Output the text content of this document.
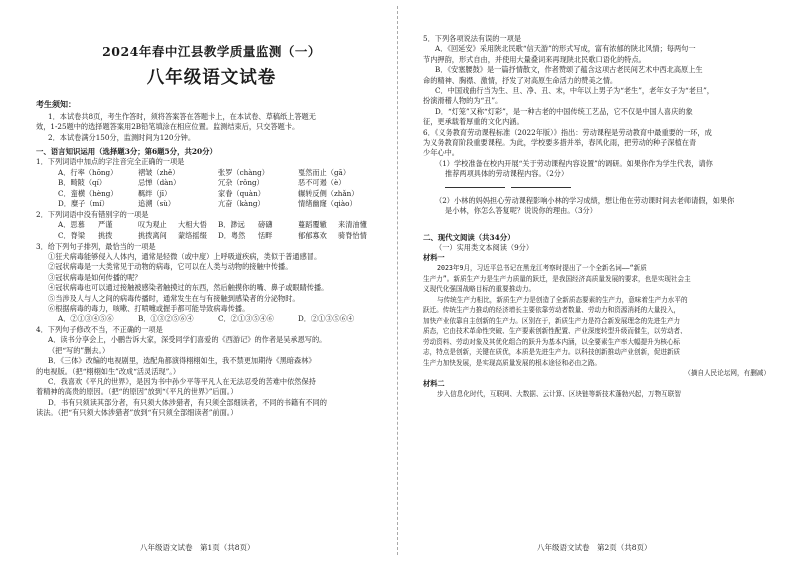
2024年春中江县教学质量监测（一）
八年级语文试卷
考生须知：
1．本试卷共8页，考生作答时，须将答案答在答题卡上，在本试卷、草稿纸上答题无
效，1-25题中的选择题答案用2B铅笔填涂在相应位置。监测结束后，只交答题卡。
2．本试卷满分150分，监测时间为120分钟。
一、语言知识运用（选择题3分；第6题5分，共20分）
1．下列词语中加点的字注音完全正确的一项是
A．行率（hōng）	褶皱（zhě）	张罗（chàng）	戛然而止（gā）
B．畸陂（qí）	忌惮（dàn）	冗杂（rǒng）	恶不可遏（è）
C．蛮横（hèng）	羁绊（jī）	家眷（quàn）	辗转反侧（zhǎn）
D．糜子（mí）	追溯（sù）	亢奋（kàng）	情绪幽窿（qiào）
2．下列词语中没有错别字的一项是
A．思慕	严谨	叹为观止	大相大悟	B．渺远	磅礴	蔓蹈覆辙	来清油懂
C．脊梁	挑拨	挑拨离间	蒙络摇缀	D．粤然	恬畔	郁郁寡欢	骑脊怡情
3．给下列句子排列，最恰当的一项是
①狂犬病毒能够侵入人体内，通常是轻微（或中度）上呼吸道疾病，类似于普通感冒。
②冠状病毒是一大类常见于动物的病毒，它可以在人类与动物的接触中传播。
③冠状病毒是如何传播的呢？
④冠状病毒也可以通过接触被感染者触摸过的东西，然后触摸你的嘴、鼻子或眼睛传播。
⑤当涉及人与人之间的病毒传播时，通常发生在与有接触到感染者的分泌物时。
⑥根据病毒的毒力，咳嗽、打喷嚏或握手都可能导致病毒传播。
A．②①③④⑤⑥	B．①③②⑤⑥④	C．②①③⑤④⑥	D．②①③⑤⑥④
4．下列句子修改不当，不正确的一项是
A．读书分享会上，小鹏告诉大家，深受同学们喜爱的《西游记》的作者是吴承恩写的。
（把“写的”删去。）
B．《三体》改编的电视剧里，选配角都演得栩栩如生，我不禁更加期待《黑暗森林》
的电视版。（把“栩栩如生”改成“活灵活现”。）
C．我喜欢《平凡的世界》，是因为书中孙少平等平凡人在无法忍受的苦难中依然保持
着精神的高贵的原因。（把“的原因”放到“《平凡的世界》”后面。）
D．书有只须读其部分者，有只须大体涉猎者，有只须全部细读者，不同的书籍有不同的
读法。（把“有只须大体涉猎者”放到“有只须全部细读者”前面。）
八年级语文试卷　第1页（共8页）
5．下列各项说法有误的一项是
A．《回延安》采用陕北民歌“信天游”的形式写成，富有浓郁的陕北风情；每两句一
节内押韵，形式自由，并使用大量叠词来再现陕北民歌口语化的特点。
B．《安塞腰鼓》是一篇抒情散文，作者赞颂了蕴含这项古老民间艺术中西北高原上生
命的精神、胸襟、激情，抒发了对高原生命活力的赞美之情。
C．中国戏曲行当为生、旦、净、丑、末，中年以上男子为“老生”，老年女子为“老旦”，
扮演滑稽人物的为“丑”。
D．“灯笼”又称“灯彩”，是一种古老的中国传统工艺品，它不仅是中国人喜庆的象
征，更承载着厚重的文化内涵。
6．《义务教育劳动课程标准（2022年版）》指出：劳动课程是劳动教育中最重要的一环，成
为义务教育阶段重要课程。为此，学校要多措并举，春风化雨，把劳动的种子深植在青
少年心中。
（1）学校准备在校内开展“关于劳动课程内容设置”的调研。如果你作为学生代表，请你
推荐两项具体的劳动课程内容。（2分）

（2）小林的妈妈担心劳动课程影响小林的学习成绩，想让他在劳动课时间去老师请假，如果你
是小林，你怎么答复呢？说说你的理由。（3分）
二、现代文阅读（共34分）
（一）实用类文本阅读（9分）
材料一
2023年9月，习近平总书记在黑龙江考察时提出了一个全新名词——“新质
生产力”。新质生产力是生产力质量的跃迁，是我国经济高质量发展的要求，也是实现社会主
义现代化强国战略目标的重要推动力。
与传统生产力相比，新质生产力是创造了全新质态要素的生产力，意味着生产力水平的
跃迁。传统生产力推动的经济增长主要依靠劳动者数量、劳动力和资源消耗的大量投入，
加快产业依靠自主创新的生产力。区别在于，新质生产力是符合新发展理念的先进生产力
质态，它由技术革命性突破、生产要素创新性配置、产业深度转型升级而催生，以劳动者、
劳动资料、劳动对象及其优化组合的跃升为基本内涵，以全要素生产率大幅提升为核心标
志，特点是创新，关键在质优，本质是先进生产力。以科技创新推动产业创新，促进新质
生产力加快发展，是实现高质量发展的根本途径和必由之路。
（摘自人民论坛网，有删减）
材料二
步入信息化时代，互联网、大数据、云计算、区块链等新技术蓬勃兴起，万物互联智
八年级语文试卷　第2页（共8页）
